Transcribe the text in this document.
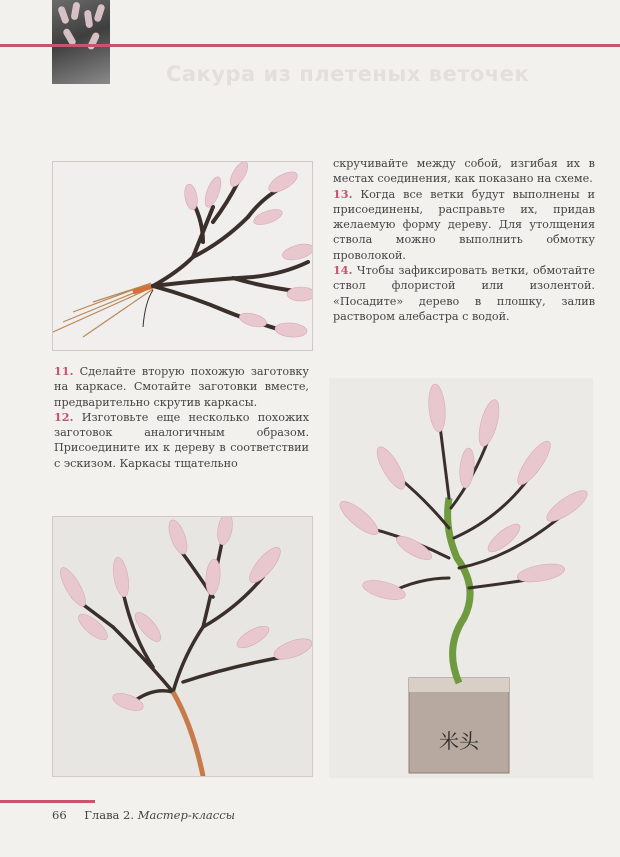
Сакура из плетеных веточек

скручивайте между собой, изгибая их в местах соединения, как показано на схеме.

13. Когда все ветки будут выполнены и присоединены, расправьте их, придав желаемую форму дереву. Для утолщения ствола можно выполнить обмотку проволокой.

14. Чтобы зафиксировать ветки, обмотайте ствол флористой или изолентой. «Посадите» дерево в плошку, залив раствором алебастра с водой.

11. Сделайте вторую похожую заготовку на каркасе. Смотайте заготовки вместе, предварительно скрутив каркасы.

12. Изготовьте еще несколько похожих заготовок аналогичным образом. Присоедините их к дереву в соответствии с эскизом. Каркасы тщательно

米头
66 Глава 2. Мастер-классы
